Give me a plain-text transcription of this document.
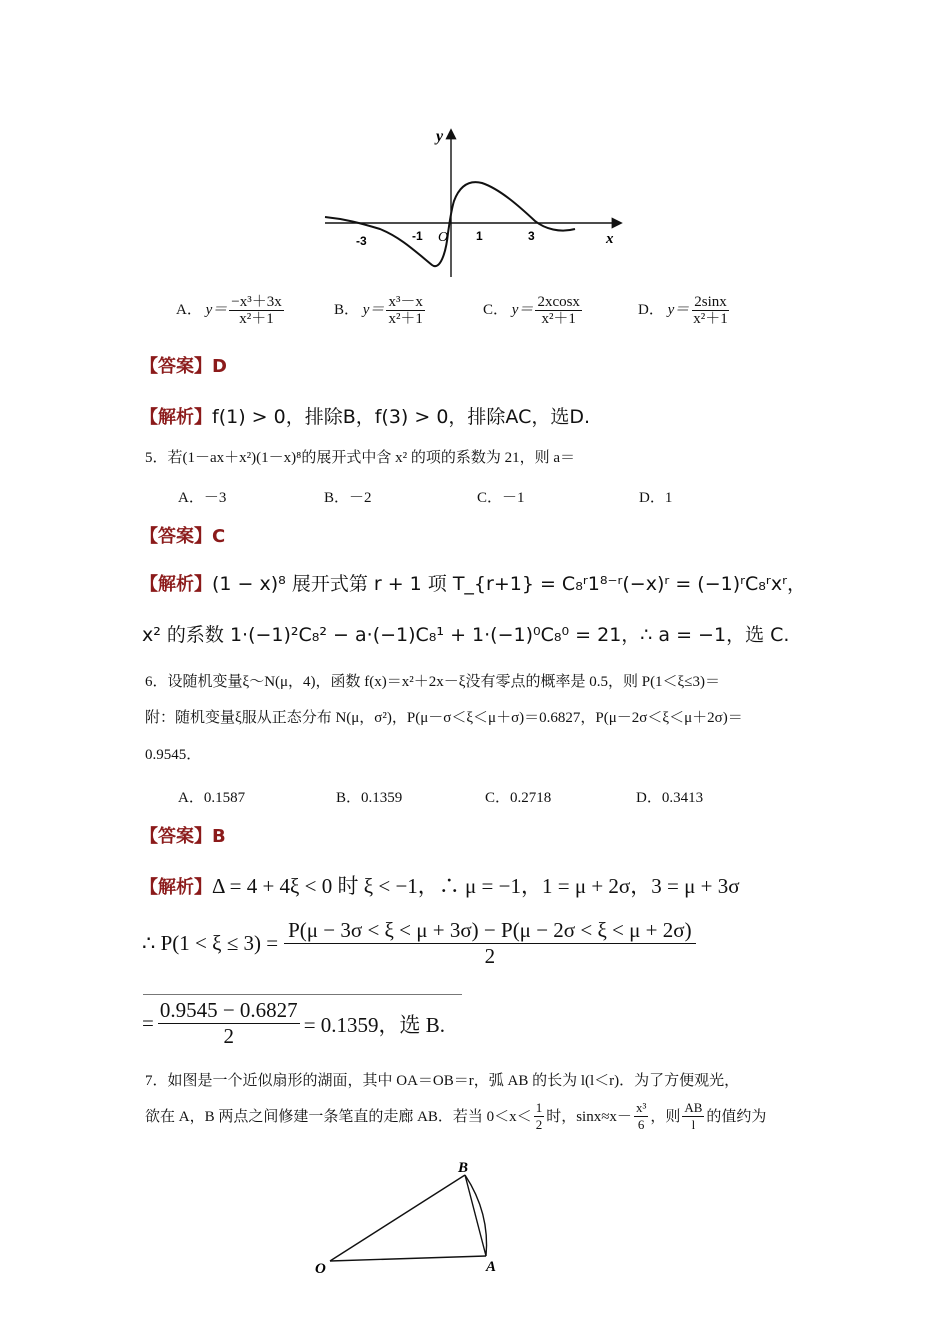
y
x
O
-3	-1	1	3
A． $y= \frac{\text{−x³＋3x}}{\text{x²＋1}}$	B． $y= \frac{\text{x³－x}}{\text{x²＋1}}$	C． $y= \frac{2xcosx}{\text{x²＋1}}$	D． $y= \frac{2\sin x}{\text{x²＋1}}$
【答案】D
【解析】f(1) > 0，排除B，f(3) > 0，排除AC，选D.
5．若(1－ax＋x²)(1－x)⁸的展开式中含 x² 的项的系数为 21，则 a＝
A．－3	B．－2	C．－1	D．1
【答案】C
【解析】(1 − x)⁸ 展开式第 r + 1 项 T_{r+1} = C₈ʳ1⁸⁻ʳ(−x)ʳ = (−1)ʳC₈ʳxʳ，
x² 的系数 1·(−1)²C₈² − a·(−1)C₈¹ + 1·(−1)⁰C₈⁰ = 21，∴ a = −1，选 C.
6．设随机变量ξ～N(μ，4)，函数 f(x)＝x²＋2x－ξ没有零点的概率是 0.5，则 P(1＜ξ≤3)＝
附：随机变量ξ服从正态分布 N(μ，σ²)，P(μ－σ＜ξ＜μ＋σ)＝0.6827，P(μ－2σ＜ξ＜μ＋2σ)＝
0.9545．
A．0.1587	B．0.1359	C．0.2718	D．0.3413
【答案】B
【解析】Δ = 4 + 4ξ < 0 时 ξ < −1，∴ μ = −1，1 = μ + 2σ，3 = μ + 3σ
∴ $P(1 < \xi \le 3) = \frac{P(\mu - 3\sigma < \xi < \mu + 3\sigma) - P(\mu - 2\sigma < \xi < \mu + 2\sigma)}{2}$
= $\frac{0.9545 - 0.6827}{2} = 0.1359$，选 B.
7．如图是一个近似扇形的湖面，其中 OA＝OB＝r，弧 AB 的长为 l(l＜r)．为了方便观光，
欲在 A，B 两点之间修建一条笔直的走廊 AB．若当 $0<x< \frac{1}{2}$ 时，$\sin x\approx x- \frac{\text{x³}}{6}$ ，则 $\frac{AB}{l}$ 的值约为
O	A
B
